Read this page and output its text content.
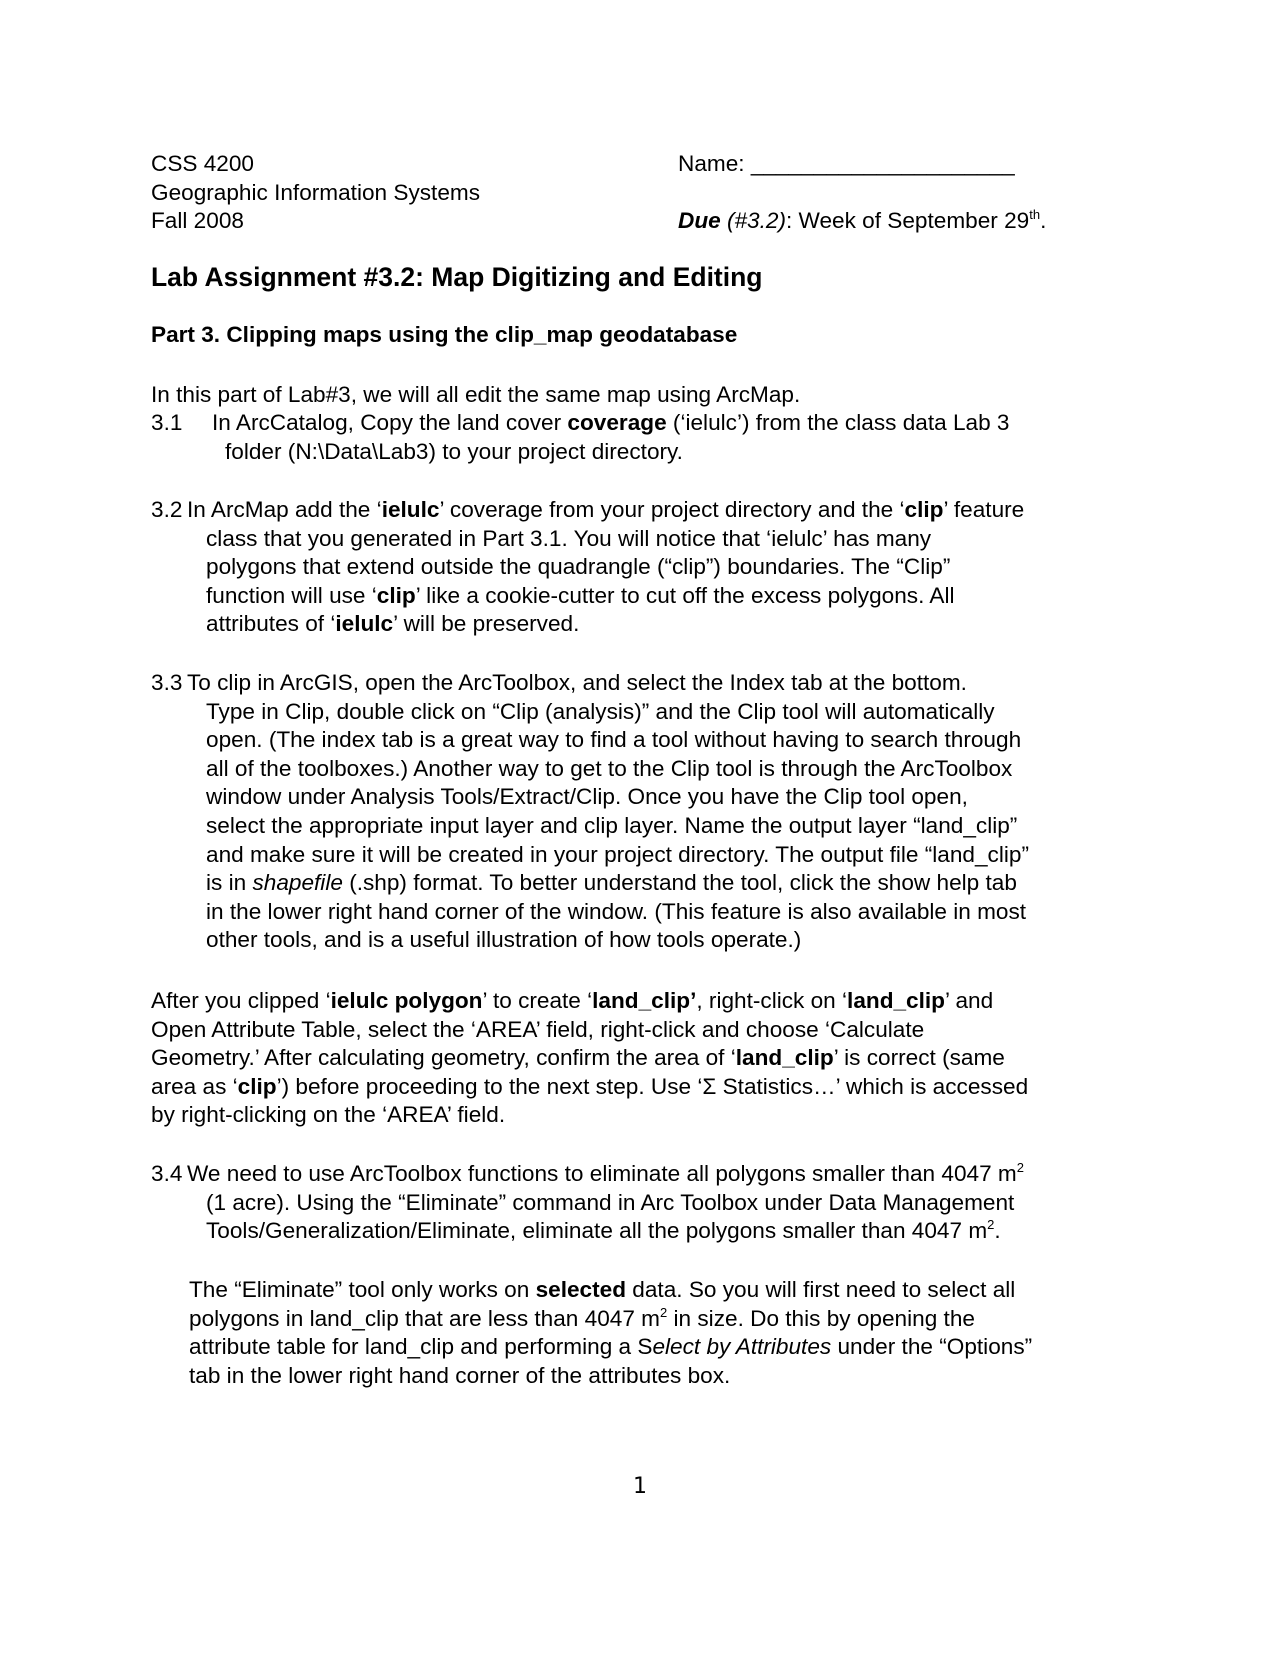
CSS 4200
Geographic Information Systems
Fall 2008
Name: _____________________
Due (#3.2): Week of September 29th.
Lab Assignment #3.2: Map Digitizing and Editing
Part 3. Clipping maps using the clip_map geodatabase
In this part of Lab#3, we will all edit the same map using ArcMap.
3.1 In ArcCatalog, Copy the land cover coverage (‘ielulc’) from the class data Lab 3
folder (N:\Data\Lab3) to your project directory.
3.2 In ArcMap add the ‘ielulc’ coverage from your project directory and the ‘clip’ feature
class that you generated in Part 3.1. You will notice that ‘ielulc’ has many
polygons that extend outside the quadrangle (“clip”) boundaries. The “Clip”
function will use ‘clip’ like a cookie-cutter to cut off the excess polygons. All
attributes of ‘ielulc’ will be preserved.
3.3 To clip in ArcGIS, open the ArcToolbox, and select the Index tab at the bottom.
Type in Clip, double click on “Clip (analysis)” and the Clip tool will automatically
open. (The index tab is a great way to find a tool without having to search through
all of the toolboxes.) Another way to get to the Clip tool is through the ArcToolbox
window under Analysis Tools/Extract/Clip. Once you have the Clip tool open,
select the appropriate input layer and clip layer. Name the output layer “land_clip”
and make sure it will be created in your project directory. The output file “land_clip”
is in shapefile (.shp) format. To better understand the tool, click the show help tab
in the lower right hand corner of the window. (This feature is also available in most
other tools, and is a useful illustration of how tools operate.)
After you clipped ‘ielulc polygon’ to create ‘land_clip’, right-click on ‘land_clip’ and
Open Attribute Table, select the ‘AREA’ field, right-click and choose ‘Calculate
Geometry.’ After calculating geometry, confirm the area of ‘land_clip’ is correct (same
area as ‘clip’) before proceeding to the next step. Use ‘Σ Statistics…’ which is accessed
by right-clicking on the ‘AREA’ field.
3.4 We need to use ArcToolbox functions to eliminate all polygons smaller than 4047 $m^2$
(1 acre). Using the “Eliminate” command in Arc Toolbox under Data Management
Tools/Generalization/Eliminate, eliminate all the polygons smaller than 4047 $m^2$.
The “Eliminate” tool only works on selected data. So you will first need to select all
polygons in land_clip that are less than 4047 $m^2$ in size. Do this by opening the
attribute table for land_clip and performing a Select by Attributes under the “Options”
tab in the lower right hand corner of the attributes box.
1
